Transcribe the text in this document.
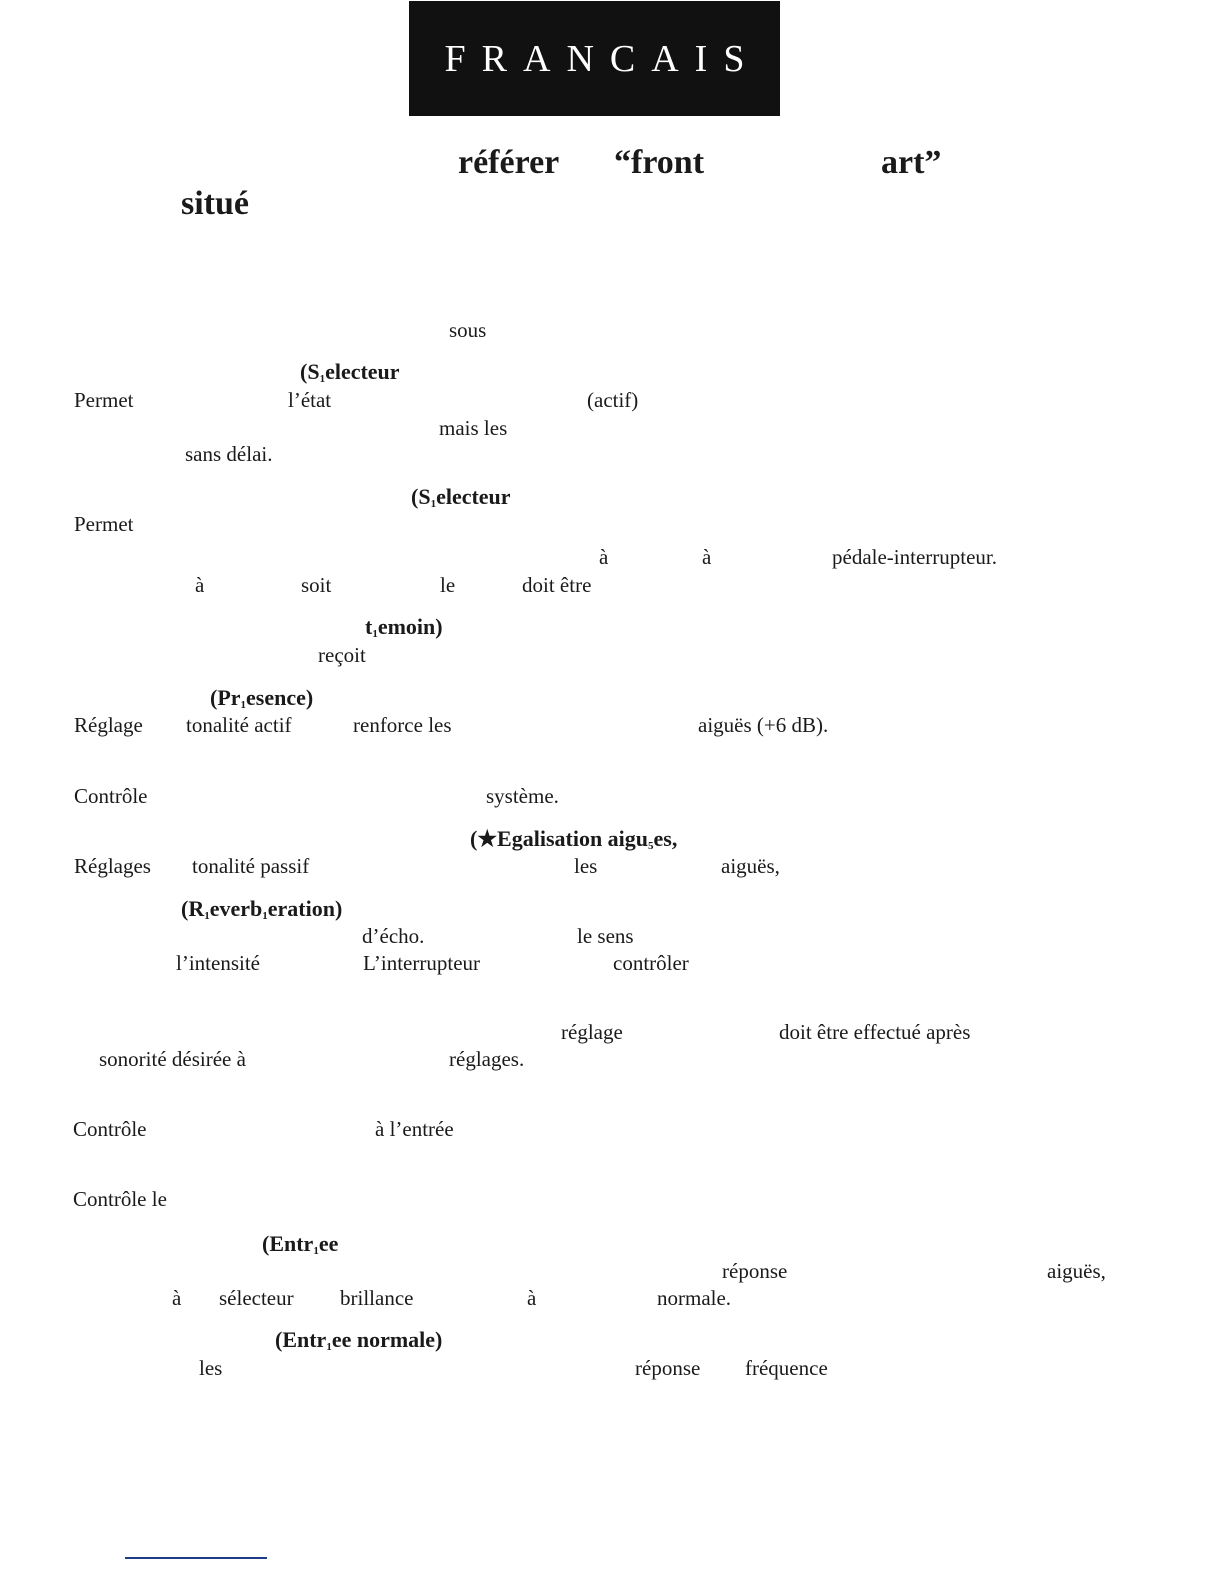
FRANCAIS
référer “front	art”
situé
sous
($S_1electeur$
Permet	l’état	(actif)
mais les
sans délai.
($S_1electeur$
Permet
à	à	pédale-interrupteur.
à	soit	le	doit être
$t_1emoin$)
reçoit
$(Pr_1esence)$
Réglage tonalité actif	renforce les	aiguës (+6 dB).
Contrôle	système.
(★Egalisation aigu$_5$es,
Réglages tonalité passif	les	aiguës,
$(R_1everb_1eration)$
d’écho.	le sens
l’intensité	L’interrupteur	contrôler
réglage	doit être effectué après
sonorité désirée à	réglages.
Contrôle	à l’entrée
Contrôle le
(Entr$_1$ee
réponse	aiguës,
à sélecteur brillance	à	normale.
(Entr$_1$ee normale)
les	réponse fréquence
